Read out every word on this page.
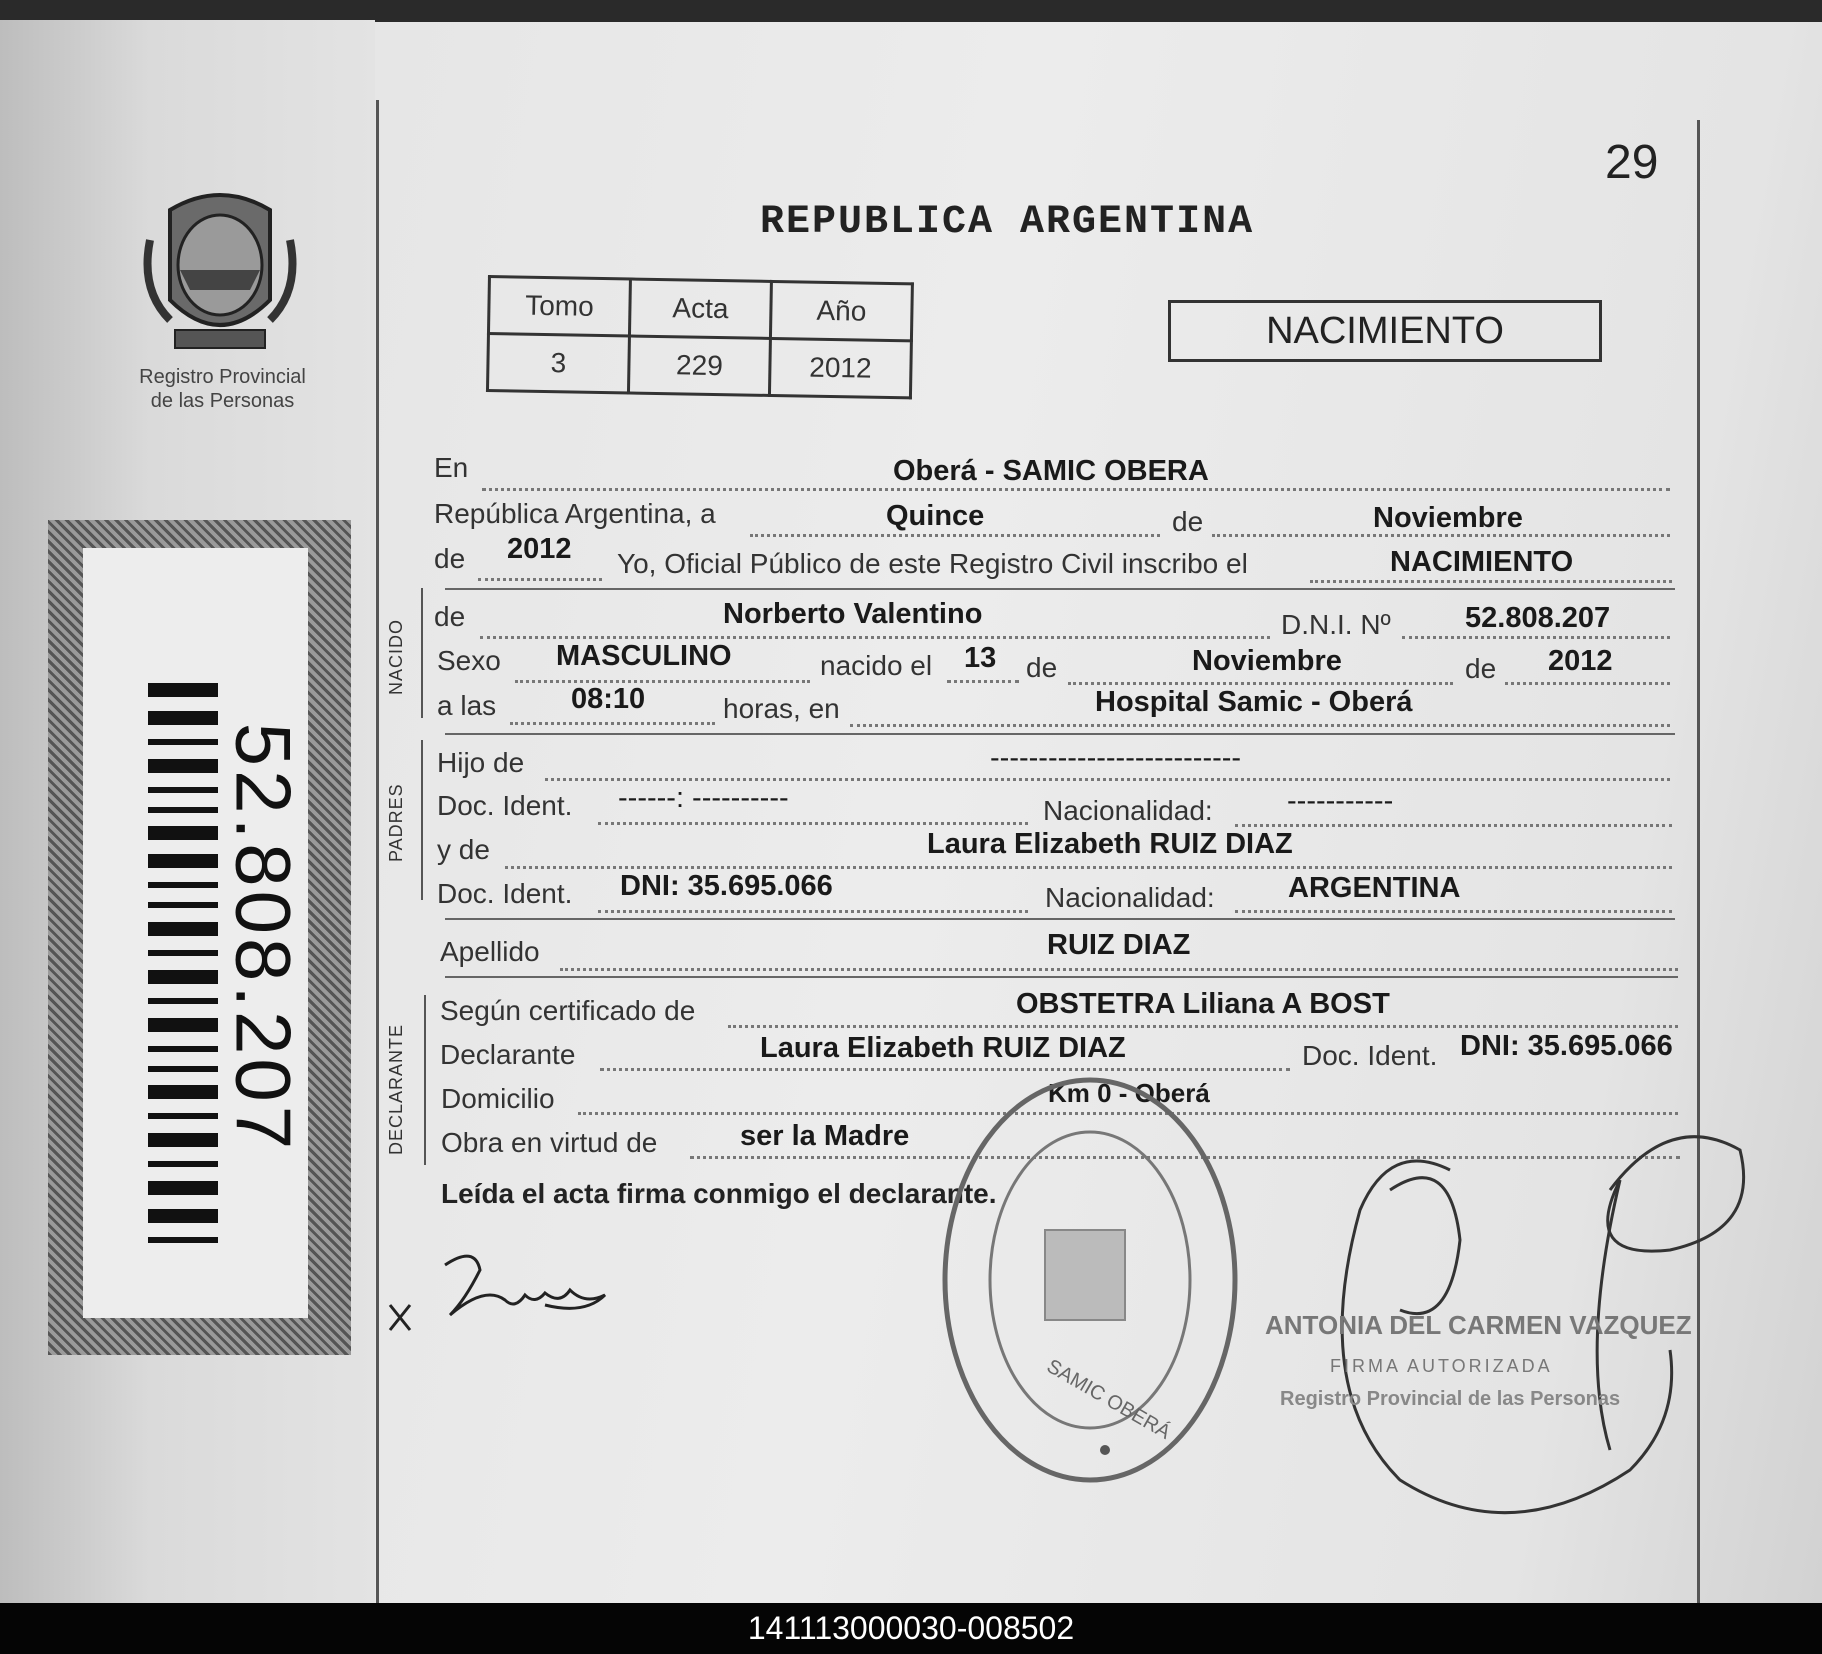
Registro Provincial
de las Personas
52.808.207
29
REPUBLICA ARGENTINA
Tomo	Acta	Año
3	229	2012
NACIMIENTO
En	Oberá - SAMIC OBERA
República Argentina, a	Quince	de	Noviembre
de 2012 Yo, Oficial Público de este Registro Civil inscribo el	NACIMIENTO
NACIDO
de	Norberto Valentino	D.N.I. Nº	52.808.207
Sexo MASCULINO	nacido el 13 de	Noviembre	de 2012
a las	08:10	horas, en	Hospital Samic - Oberá
PADRES
Hijo de	--------------------------
Doc. Ident. ------: ----------	Nacionalidad:	-----------
y de	Laura Elizabeth RUIZ DIAZ
Doc. Ident. DNI: 35.695.066	Nacionalidad:	ARGENTINA
Apellido	RUIZ DIAZ
DECLARANTE
Según certificado de	OBSTETRA Liliana A BOST
Declarante	Laura Elizabeth RUIZ DIAZ	Doc. Ident. DNI: 35.695.066
Domicilio	Km 0 - Oberá
Obra en virtud de	ser la Madre
Leída el acta firma conmigo el declarante.
SAMIC OBERÁ
ANTONIA DEL CARMEN VAZQUEZ
FIRMA AUTORIZADA
Registro Provincial de las Personas
141113000030-008502
